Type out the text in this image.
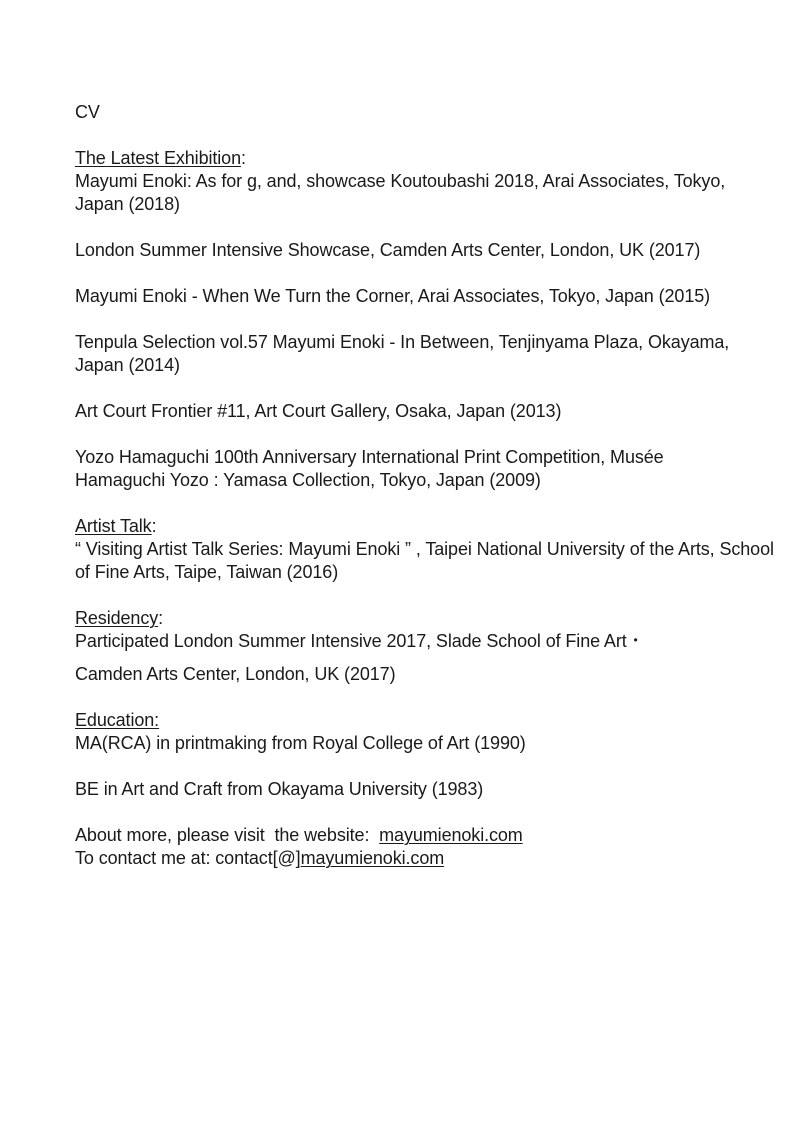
CV

The Latest Exhibition:

Mayumi Enoki: As for g, and, showcase Koutoubashi 2018, Arai Associates, Tokyo, Japan (2018)

London Summer Intensive Showcase, Camden Arts Center, London, UK (2017)

Mayumi Enoki - When We Turn the Corner, Arai Associates, Tokyo, Japan (2015)

Tenpula Selection vol.57 Mayumi Enoki - In Between, Tenjinyama Plaza, Okayama, Japan (2014)

Art Court Frontier #11, Art Court Gallery, Osaka, Japan (2013)

Yozo Hamaguchi 100th Anniversary International Print Competition, Musée Hamaguchi Yozo : Yamasa Collection, Tokyo, Japan (2009)

Artist Talk:

“ Visiting Artist Talk Series: Mayumi Enoki ” , Taipei National University of the Arts, School of Fine Arts, Taipe, Taiwan (2016)

Residency:

Participated London Summer Intensive 2017, Slade School of Fine Art・

Camden Arts Center, London, UK (2017)

Education:

MA(RCA) in printmaking from Royal College of Art (1990)

BE in Art and Craft from Okayama University (1983)

About more, please visit  the website:  mayumienoki.com

To contact me at: contact[@]mayumienoki.com
